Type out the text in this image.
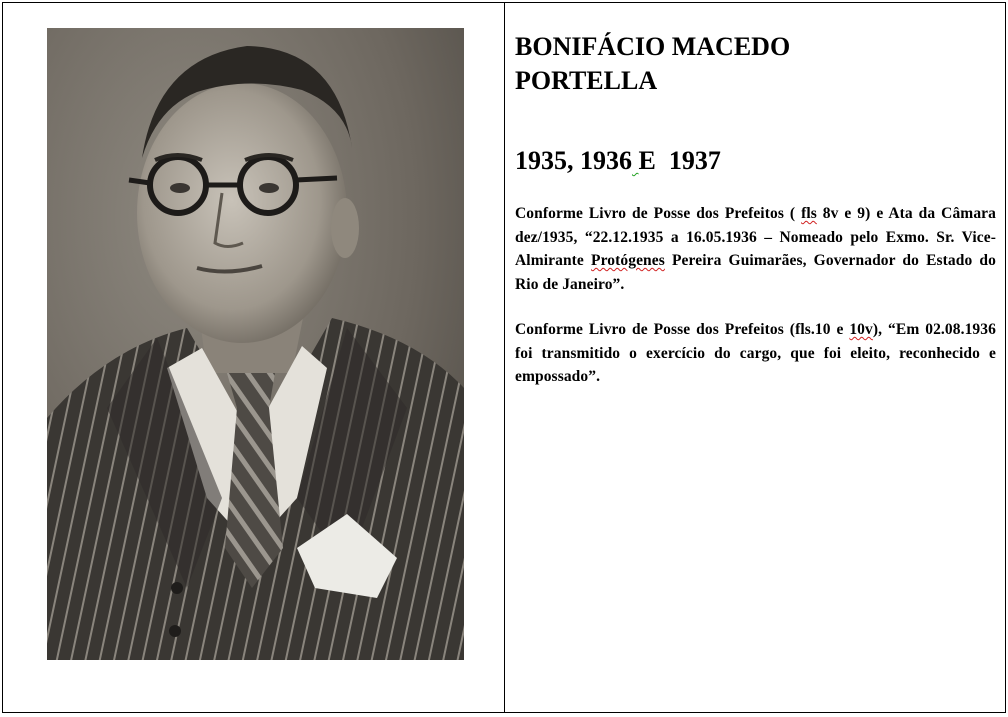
BONIFÁCIO MACEDO
PORTELLA

1935, 1936 E  1937

Conforme Livro de Posse dos Prefeitos ( fls 8v e 9) e Ata da Câmara dez/1935, “22.12.1935 a 16.05.1936 – Nomeado pelo Exmo. Sr. Vice-Almirante Protógenes Pereira Guimarães, Governador do Estado do Rio de Janeiro”.

Conforme Livro de Posse dos Prefeitos (fls.10 e 10v), “Em 02.08.1936 foi transmitido o exercício do cargo, que foi eleito, reconhecido e empossado”.
